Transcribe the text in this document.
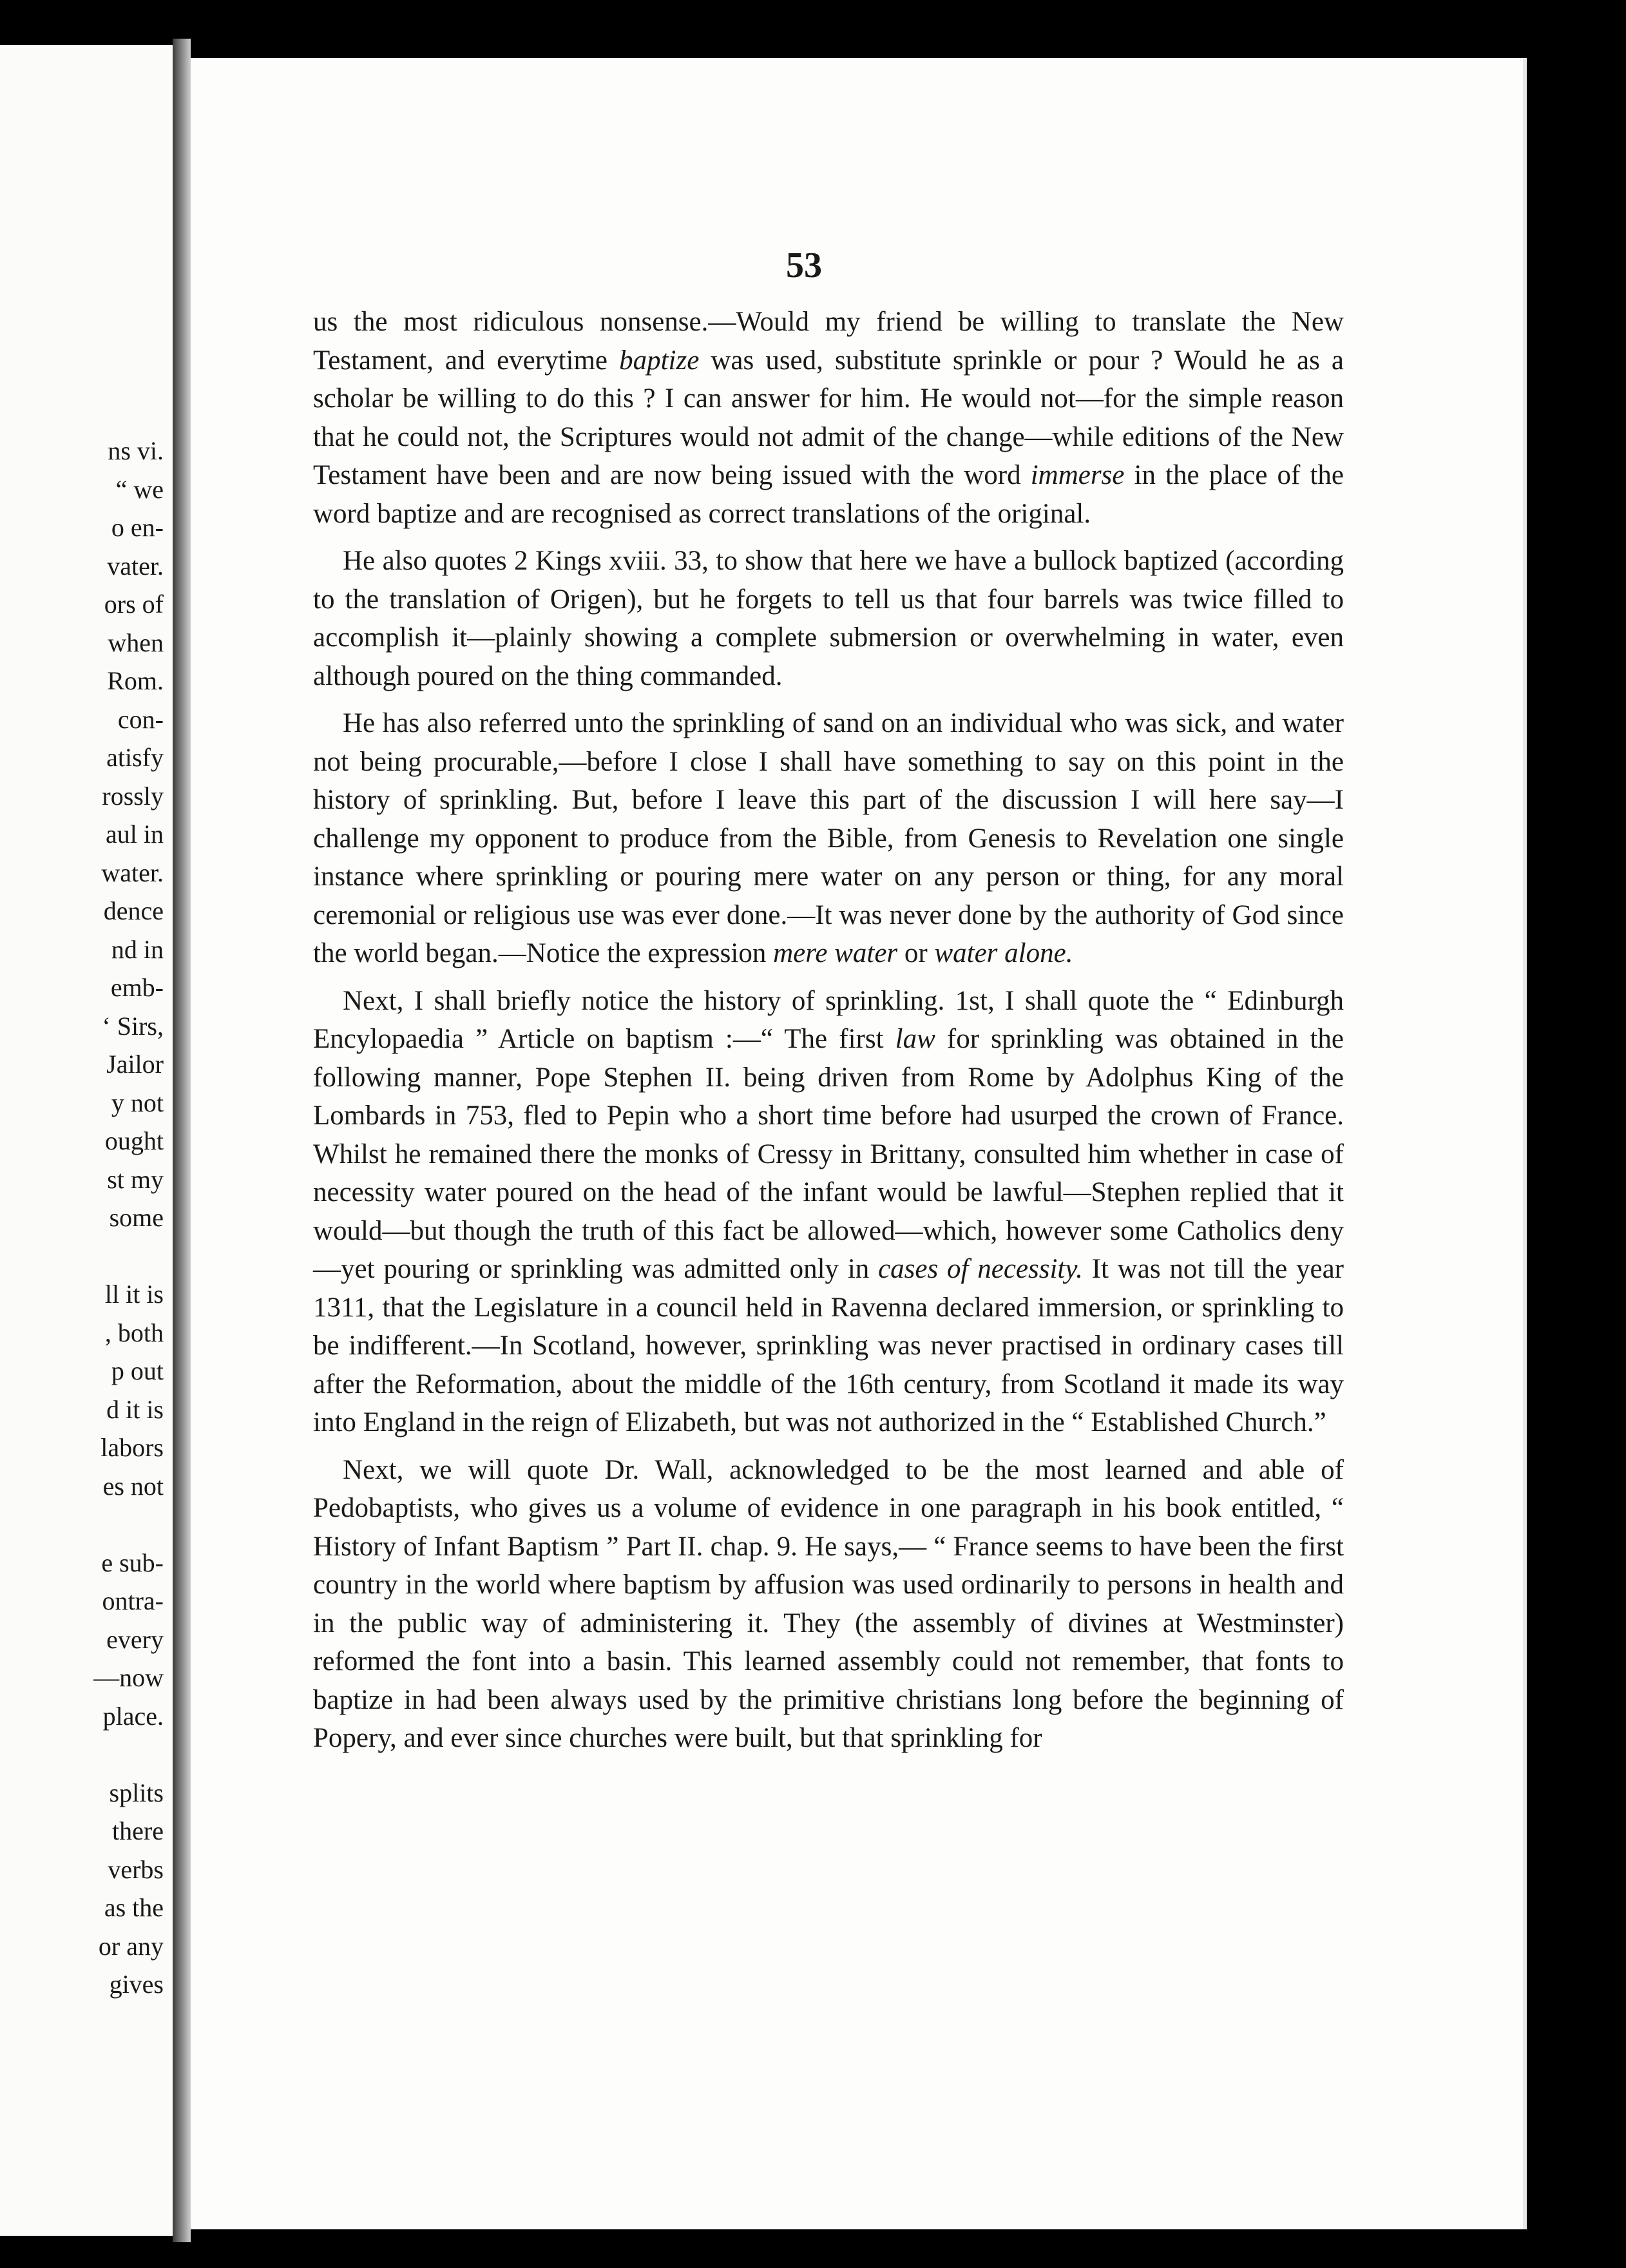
ns vi.
“ we
o en-
vater.
ors of
when
Rom.
con-
atisfy
rossly
aul in
water.
dence
nd in
emb-
‘ Sirs,
Jailor
y not
ought
st my
some

ll it is
, both
p out
d it is
labors
es not

e sub-
ontra-
every
—now
place.

splits
there
verbs
as the
or any
gives
53

us the most ridiculous nonsense.—Would my friend be willing to translate the New Testament, and everytime baptize was used, substitute sprinkle or pour ? Would he as a scholar be willing to do this ? I can answer for him. He would not—for the simple reason that he could not, the Scriptures would not admit of the change—while editions of the New Testament have been and are now being issued with the word immerse in the place of the word baptize and are recognised as correct translations of the original.

He also quotes 2 Kings xviii. 33, to show that here we have a bullock baptized (according to the translation of Origen), but he forgets to tell us that four barrels was twice filled to accomplish it—plainly showing a complete submersion or overwhelming in water, even although poured on the thing commanded.

He has also referred unto the sprinkling of sand on an individual who was sick, and water not being procurable,—before I close I shall have something to say on this point in the history of sprinkling. But, before I leave this part of the discussion I will here say—I challenge my opponent to produce from the Bible, from Genesis to Revelation one single instance where sprinkling or pouring mere water on any person or thing, for any moral ceremonial or religious use was ever done.—It was never done by the authority of God since the world began.—Notice the expression mere water or water alone.

Next, I shall briefly notice the history of sprinkling. 1st, I shall quote the “ Edinburgh Encylopaedia ” Article on baptism :—“ The first law for sprinkling was obtained in the following manner, Pope Stephen II. being driven from Rome by Adolphus King of the Lombards in 753, fled to Pepin who a short time before had usurped the crown of France. Whilst he remained there the monks of Cressy in Brittany, consulted him whether in case of necessity water poured on the head of the infant would be lawful—Stephen replied that it would—but though the truth of this fact be allowed—which, however some Catholics deny—yet pouring or sprinkling was admitted only in cases of necessity. It was not till the year 1311, that the Legislature in a council held in Ravenna declared immersion, or sprinkling to be indifferent.—In Scotland, however, sprinkling was never practised in ordinary cases till after the Reformation, about the middle of the 16th century, from Scotland it made its way into England in the reign of Elizabeth, but was not authorized in the “ Established Church.”

Next, we will quote Dr. Wall, acknowledged to be the most learned and able of Pedobaptists, who gives us a volume of evidence in one paragraph in his book entitled, “ History of Infant Baptism ” Part II. chap. 9. He says,— “ France seems to have been the first country in the world where baptism by affusion was used ordinarily to persons in health and in the public way of administering it. They (the assembly of divines at Westminster) reformed the font into a basin. This learned assembly could not remember, that fonts to baptize in had been always used by the primitive christians long before the beginning of Popery, and ever since churches were built, but that sprinkling for
